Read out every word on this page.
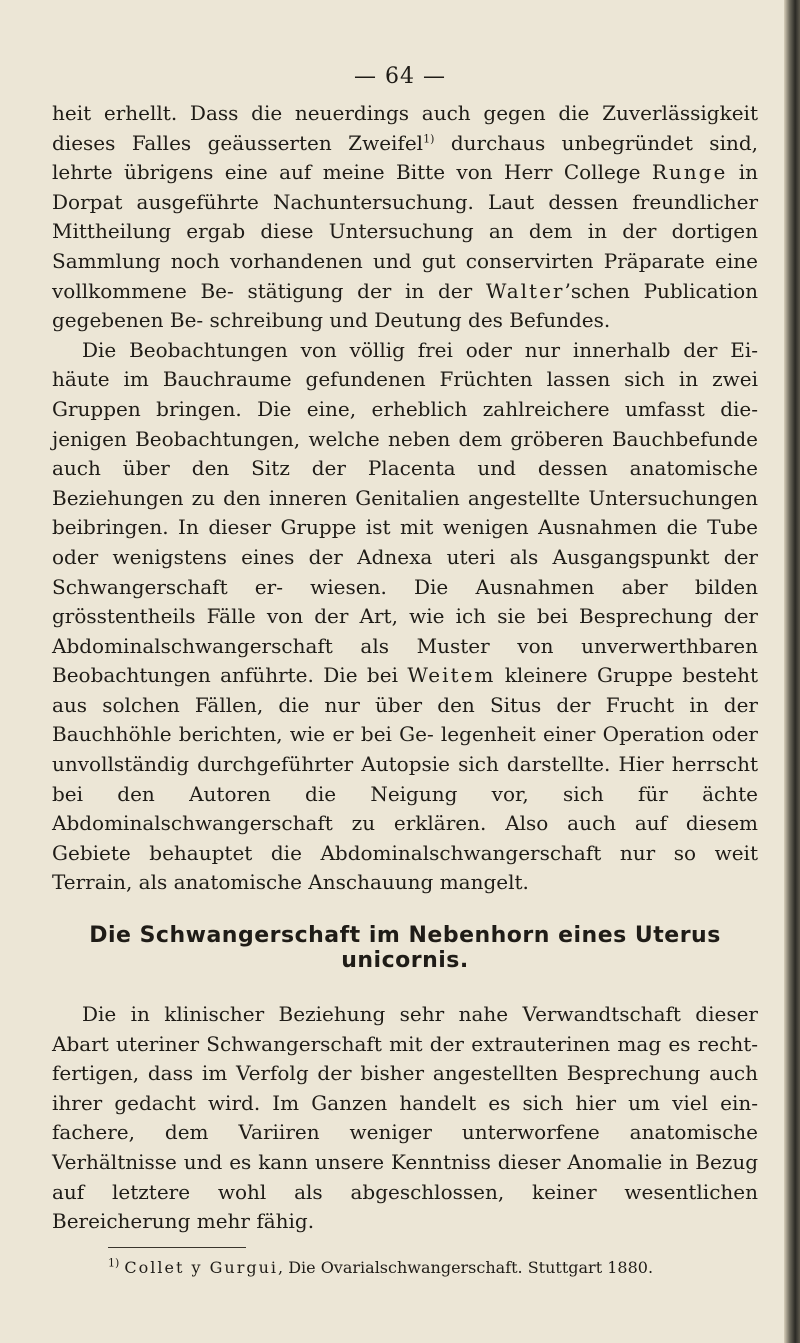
— 64 —

heit erhellt. Dass die neuerdings auch gegen die Zuverlässigkeit dieses Falles geäusserten Zweifel$^{1)}$ durchaus unbegründet sind, lehrte übrigens eine auf meine Bitte von Herr College Runge in Dorpat ausgeführte Nachuntersuchung. Laut dessen freundlicher Mittheilung ergab diese Untersuchung an dem in der dortigen Sammlung noch vorhandenen und gut conservirten Präparate eine vollkommene Be- stätigung der in der Walter’schen Publication gegebenen Be- schreibung und Deutung des Befundes.

Die Beobachtungen von völlig frei oder nur innerhalb der Ei- häute im Bauchraume gefundenen Früchten lassen sich in zwei Gruppen bringen. Die eine, erheblich zahlreichere umfasst die- jenigen Beobachtungen, welche neben dem gröberen Bauchbefunde auch über den Sitz der Placenta und dessen anatomische Beziehungen zu den inneren Genitalien angestellte Untersuchungen beibringen. In dieser Gruppe ist mit wenigen Ausnahmen die Tube oder wenigstens eines der Adnexa uteri als Ausgangspunkt der Schwangerschaft er- wiesen. Die Ausnahmen aber bilden grösstentheils Fälle von der Art, wie ich sie bei Besprechung der Abdominalschwangerschaft als Muster von unverwerthbaren Beobachtungen anführte. Die bei Weitem kleinere Gruppe besteht aus solchen Fällen, die nur über den Situs der Frucht in der Bauchhöhle berichten, wie er bei Ge- legenheit einer Operation oder unvollständig durchgeführter Autopsie sich darstellte. Hier herrscht bei den Autoren die Neigung vor, sich für ächte Abdominalschwangerschaft zu erklären. Also auch auf diesem Gebiete behauptet die Abdominalschwangerschaft nur so weit Terrain, als anatomische Anschauung mangelt.

Die Schwangerschaft im Nebenhorn eines Uterus unicornis.

Die in klinischer Beziehung sehr nahe Verwandtschaft dieser Abart uteriner Schwangerschaft mit der extrauterinen mag es recht- fertigen, dass im Verfolg der bisher angestellten Besprechung auch ihrer gedacht wird. Im Ganzen handelt es sich hier um viel ein- fachere, dem Variiren weniger unterworfene anatomische Verhältnisse und es kann unsere Kenntniss dieser Anomalie in Bezug auf letztere wohl als abgeschlossen, keiner wesentlichen Bereicherung mehr fähig.

$^{1)}$ Collet y Gurgui, Die Ovarialschwangerschaft. Stuttgart 1880.
